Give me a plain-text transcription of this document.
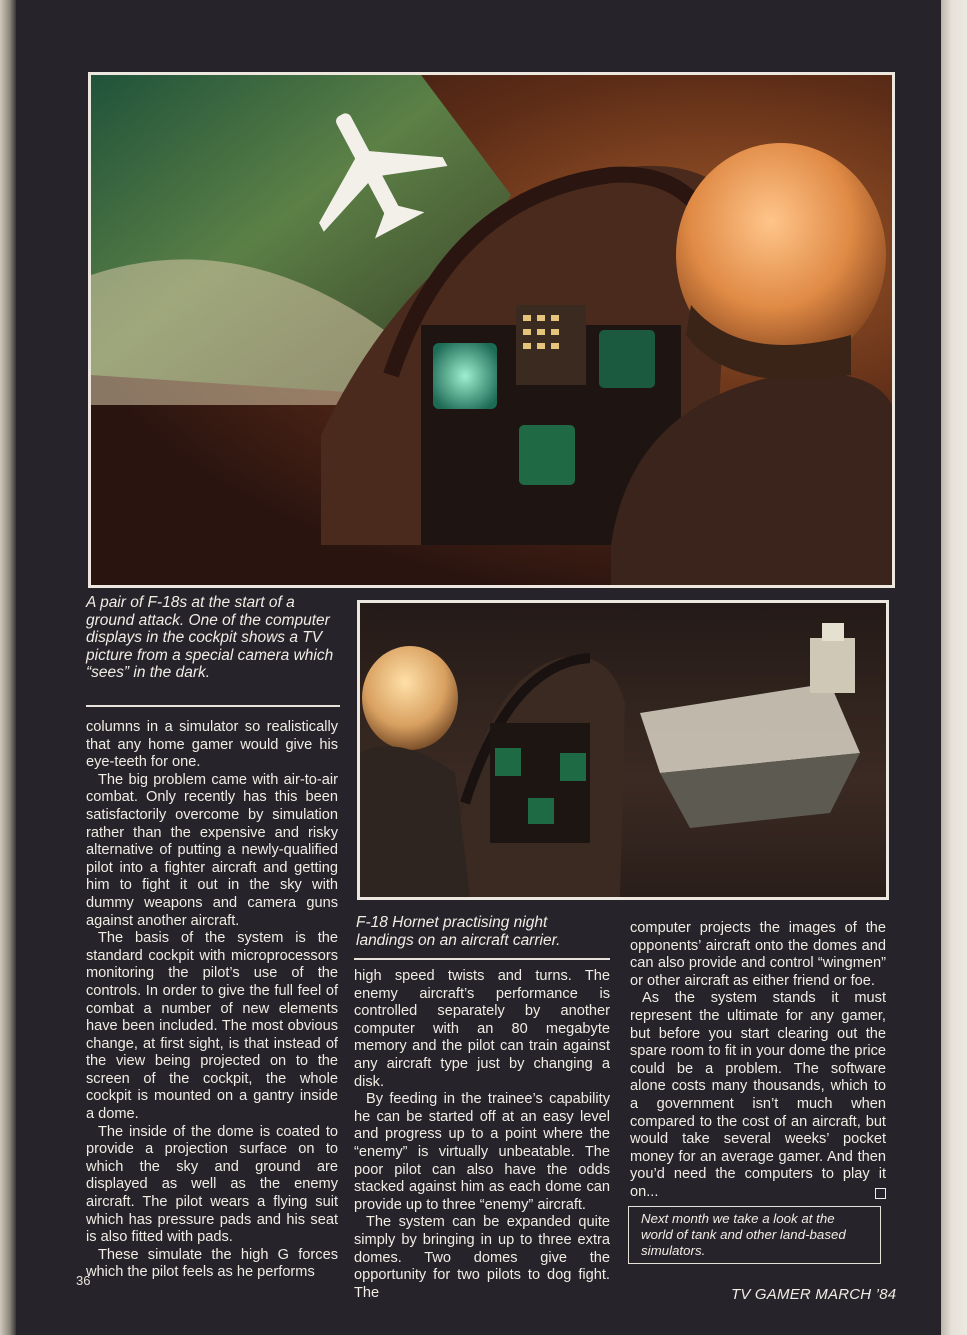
A pair of F-18s at the start of a ground attack. One of the computer displays in the cockpit shows a TV picture from a special camera which “sees” in the dark.
F-18 Hornet practising night landings on an aircraft carrier.

columns in a simulator so realistically that any home gamer would give his eye-teeth for one.

The big problem came with air-to-air combat. Only recently has this been satisfactorily overcome by simulation rather than the expensive and risky alternative of putting a newly-qualified pilot into a fighter aircraft and getting him to fight it out in the sky with dummy weapons and camera guns against another aircraft.

The basis of the system is the standard cockpit with microprocessors monitoring the pilot’s use of the controls. In order to give the full feel of combat a number of new elements have been included. The most obvious change, at first sight, is that instead of the view being projected on to the screen of the cockpit, the whole cockpit is mounted on a gantry inside a dome.

The inside of the dome is coated to provide a projection surface on to which the sky and ground are displayed as well as the enemy aircraft. The pilot wears a flying suit which has pressure pads and his seat is also fitted with pads.

These simulate the high G forces which the pilot feels as he performs

high speed twists and turns. The enemy aircraft’s performance is controlled separately by another computer with an 80 megabyte memory and the pilot can train against any aircraft type just by changing a disk.

By feeding in the trainee’s capability he can be started off at an easy level and progress up to a point where the “enemy” is virtually unbeatable. The poor pilot can also have the odds stacked against him as each dome can provide up to three “enemy” aircraft.

The system can be expanded quite simply by bringing in up to three extra domes. Two domes give the opportunity for two pilots to dog fight. The

computer projects the images of the opponents’ aircraft onto the domes and can also provide and control “wingmen” or other aircraft as either friend or foe.

As the system stands it must represent the ultimate for any gamer, but before you start clearing out the spare room to fit in your dome the price could be a problem. The software alone costs many thousands, which to a government isn’t much when compared to the cost of an aircraft, but would take several weeks’ pocket money for an average gamer. And then you’d need the computers to play it on...

Next month we take a look at the world of tank and other land-based simulators.
36
TV GAMER MARCH ’84
